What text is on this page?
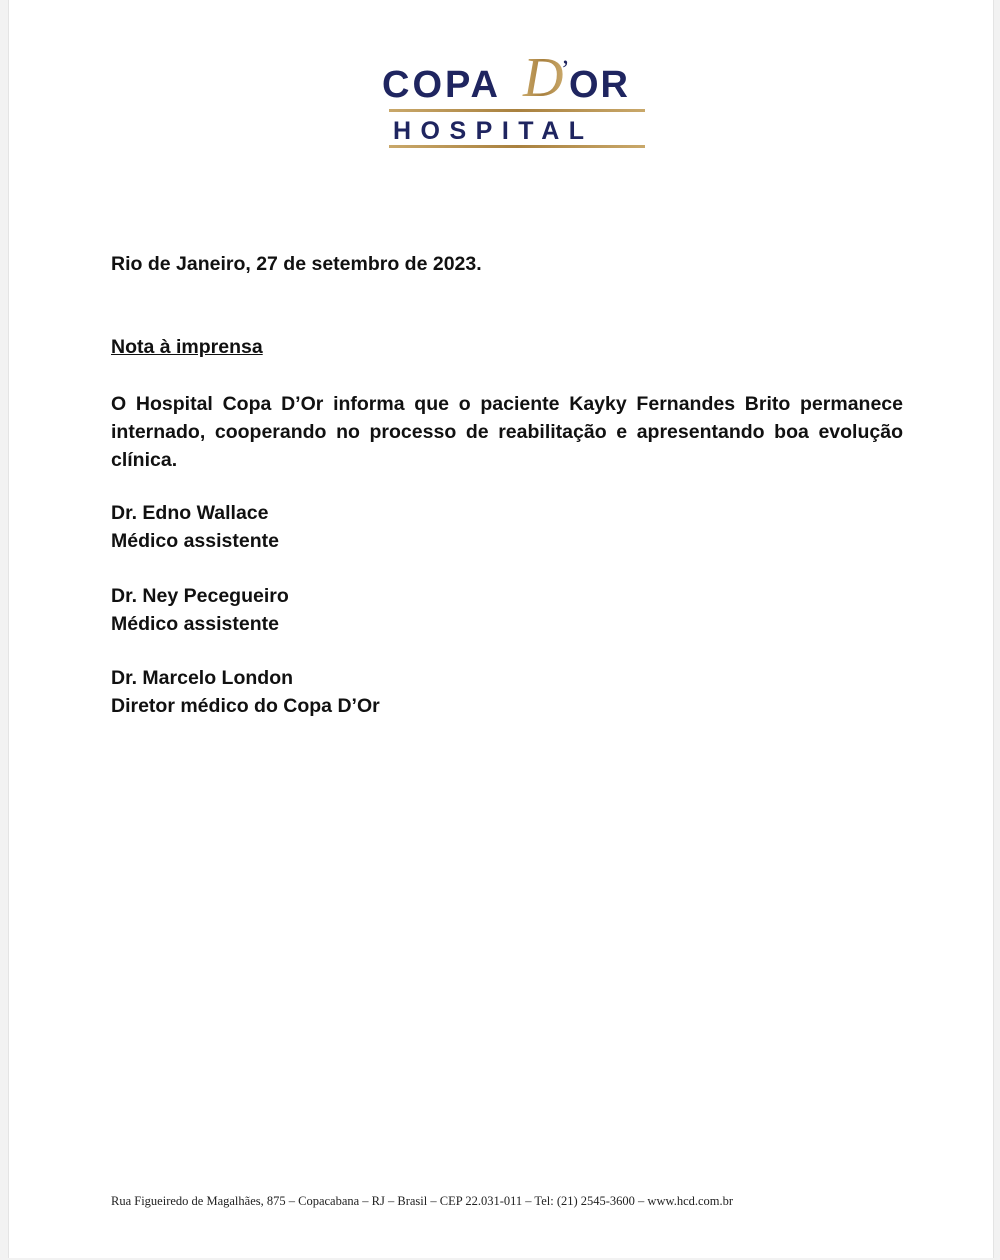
COPA D
’ OR
HOSPITAL
Rio de Janeiro, 27 de setembro de 2023.
Nota à imprensa
O Hospital Copa D’Or informa que o paciente Kayky Fernandes Brito permanece internado, cooperando no processo de reabilitação e apresentando boa evolução clínica.
Dr. Edno Wallace
Médico assistente
Dr. Ney Pecegueiro
Médico assistente
Dr. Marcelo London
Diretor médico do Copa D’Or
Rua Figueiredo de Magalhães, 875 – Copacabana – RJ – Brasil – CEP 22.031-011 – Tel: (21) 2545-3600 – www.hcd.com.br
